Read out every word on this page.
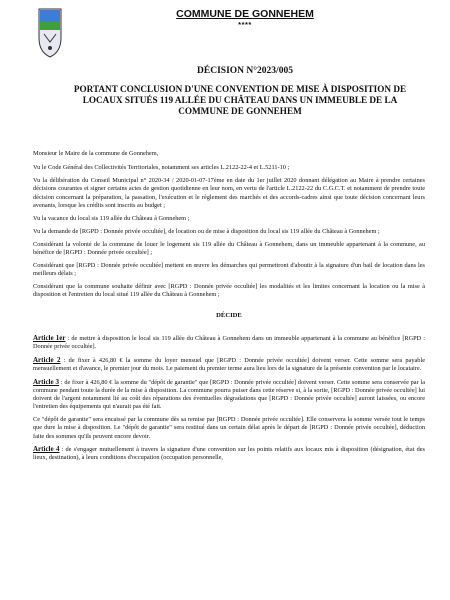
COMMUNE DE GONNEHEM
****
DÉCISION N°2023/005
PORTANT CONCLUSION D'UNE CONVENTION DE MISE À DISPOSITION DE LOCAUX SITUÉS 119 ALLÉE DU CHÂTEAU DANS UN IMMEUBLE DE LA COMMUNE DE GONNEHEM

Monsieur le Maire de la commune de Gonnehem,

Vu le Code Général des Collectivités Territoriales, notamment ses articles L.2122-22-4 et L.5211-10 ;

Vu la délibération du Conseil Municipal n° 2020-34 / 2020-01-07-17ème en date du 1er juillet 2020 donnant délégation au Maire à prendre certaines décisions courantes et signer certains actes de gestion quotidienne en leur nom, en vertu de l'article L.2122-22 du C.G.C.T. et notamment de prendre toute décision concernant la préparation, la passation, l'exécution et le règlement des marchés et des accords-cadres ainsi que toute décision concernant leurs avenants, lorsque les crédits sont inscrits au budget ;

Vu la vacance du local sis 119 allée du Château à Gonnehem ;

Vu la demande de [RGPD : Donnée privée occultée], de location ou de mise à disposition du local sis 119 allée du Château à Gonnehem ;

Considérant la volonté de la commune de louer le logement sis 119 allée du Château à Gonnehem, dans un immeuble appartenant à la commune, au bénéfice de [RGPD : Donnée privée occultée] ;

Considérant que [RGPD : Donnée privée occultée] mettent en œuvre les démarches qui permettront d'aboutir à la signature d'un bail de location dans les meilleurs délais ;

Considérant que la commune souhaite définir avec [RGPD : Donnée privée occultée] les modalités et les limites concernant la location ou la mise à disposition et l'entretien du local situé 119 allée du Château à Gonnehem ;

DÉCIDE

Article 1er : de mettre à disposition le local sis 119 allée du Château à Gonnehem dans un immeuble appartenant à la commune au bénéfice [RGPD : Donnée privée occultée].

Article 2 : de fixer à 426,80 € la somme du loyer mensuel que [RGPD : Donnée privée occultée] doivent verser. Cette somme sera payable mensuellement et d'avance, le premier jour du mois. Le paiement du premier terme aura lieu lors de la signature de la présente convention par le locataire.

Article 3 : de fixer à 426,80 € la somme du "dépôt de garantie" que [RGPD : Donnée privée occultée] doivent verser. Cette somme sera conservée par la commune pendant toute la durée de la mise à disposition. La commune pourra puiser dans cette réserve si, à la sortie, [RGPD : Donnée privée occultée] lui doivent de l'argent notamment lié au coût des réparations des éventuelles dégradations que [RGPD : Donnée privée occultée] auront laissées, ou encore l'entretien des équipements qui n'aurait pas été fait.

Ce "dépôt de garantie" sera encaissé par la commune dès sa remise par [RGPD : Donnée privée occultée]. Elle conservera la somme versée tout le temps que dure la mise à disposition. Le "dépôt de garantie" sera restitué dans un certain délai après le départ de [RGPD : Donnée privée occultée], déduction faite des sommes qu'ils peuvent encore devoir.

Article 4 : de s'engager mutuellement à travers la signature d'une convention sur les points relatifs aux locaux mis à disposition (désignation, état des lieux, destination), à leurs conditions d'occupation (occupation personnelle,
